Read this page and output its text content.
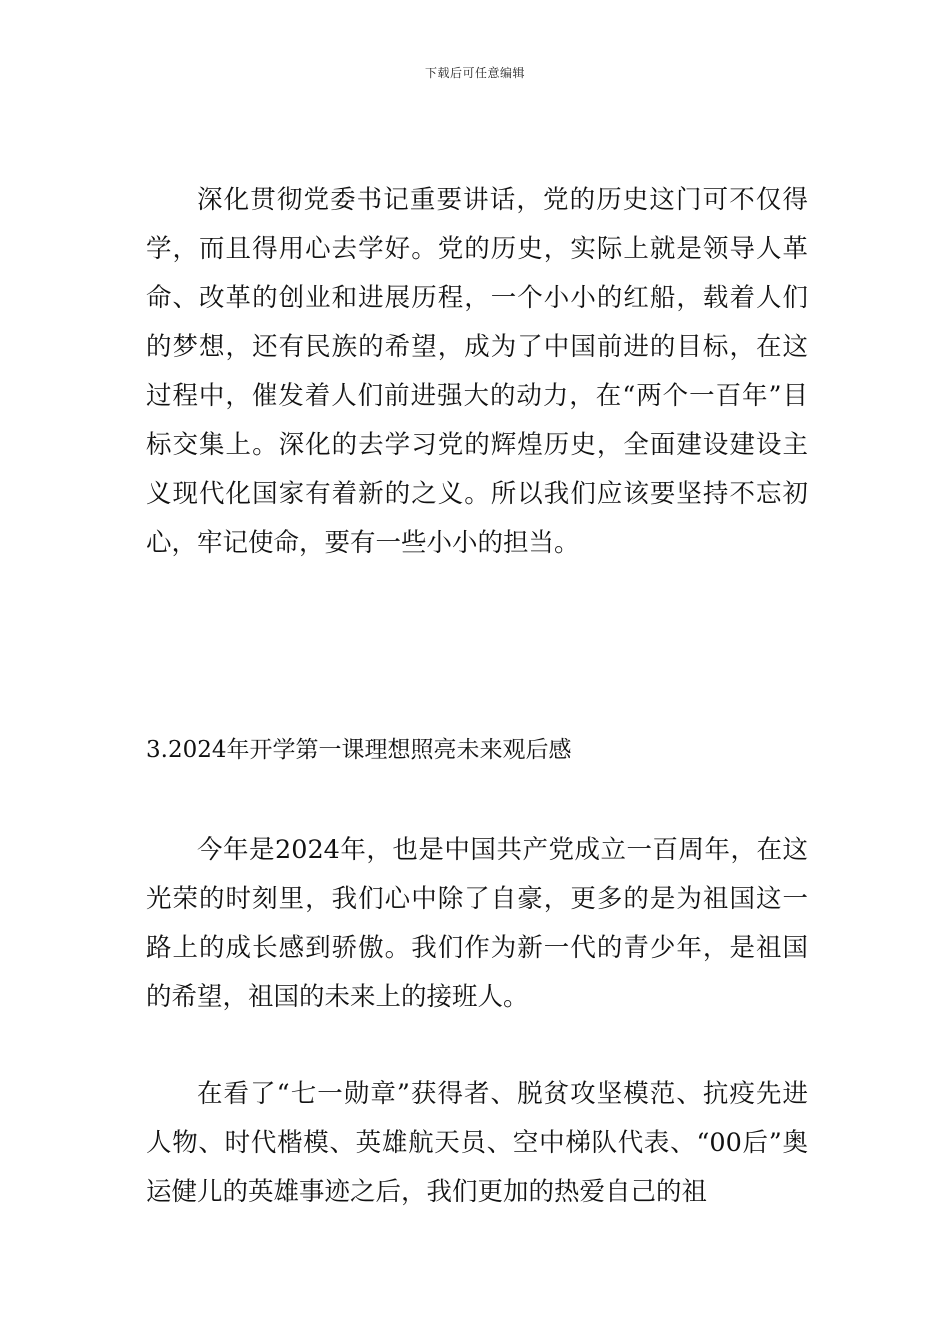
下载后可任意编辑

深化贯彻党委书记重要讲话，党的历史这门可不仅得学，而且得用心去学好。党的历史，实际上就是领导人革命、改革的创业和进展历程，一个小小的红船，载着人们的梦想，还有民族的希望，成为了中国前进的目标，在这过程中，催发着人们前进强大的动力，在“两个一百年”目标交集上。深化的去学习党的辉煌历史，全面建设建设主义现代化国家有着新的之义。所以我们应该要坚持不忘初心，牢记使命，要有一些小小的担当。

3.2024年开学第一课理想照亮未来观后感

今年是2024年，也是中国共产党成立一百周年，在这光荣的时刻里，我们心中除了自豪，更多的是为祖国这一路上的成长感到骄傲。我们作为新一代的青少年，是祖国的希望，祖国的未来上的接班人。

在看了“七一勋章”获得者、脱贫攻坚模范、抗疫先进人物、时代楷模、英雄航天员、空中梯队代表、“00后”奥运健儿的英雄事迹之后，我们更加的热爱自己的祖
